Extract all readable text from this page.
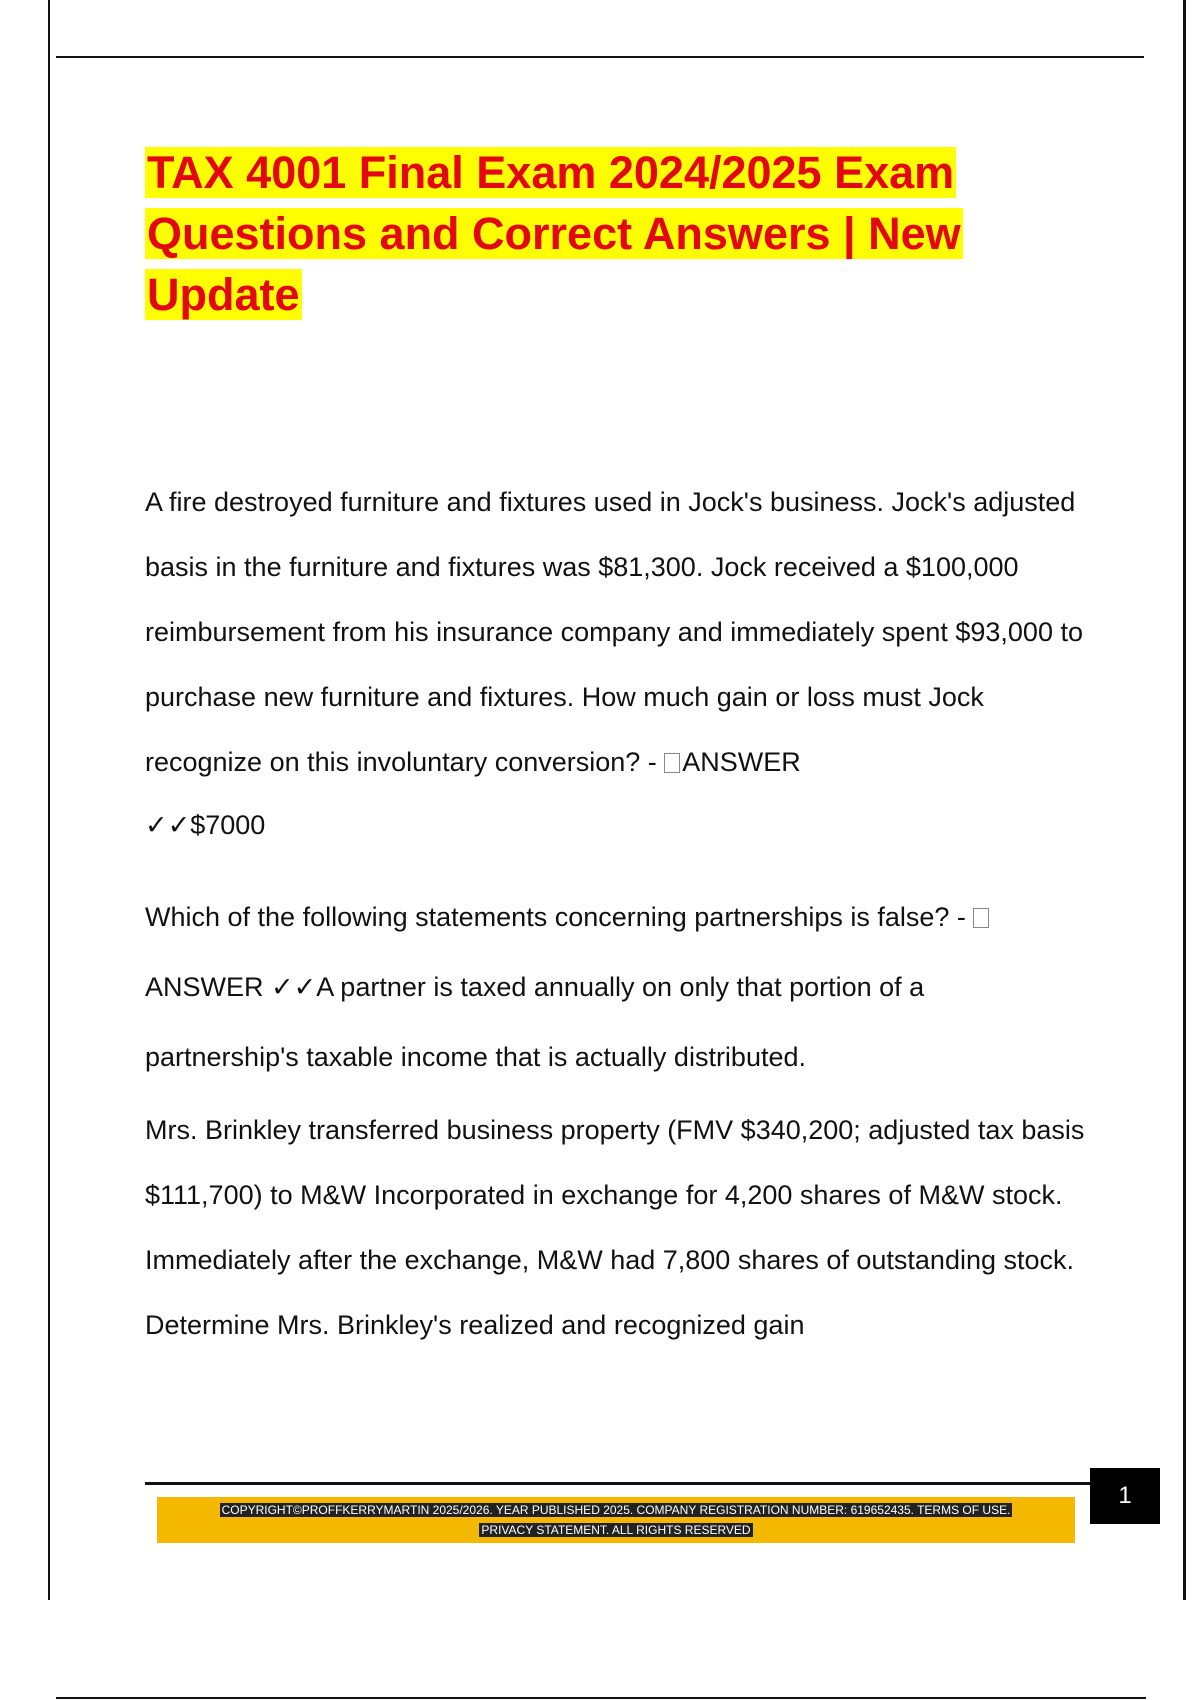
TAX 4001 Final Exam 2024/2025 Exam Questions and Correct Answers | New Update

A fire destroyed furniture and fixtures used in Jock's business. Jock's adjusted basis in the furniture and fixtures was $81,300. Jock received a $100,000 reimbursement from his insurance company and immediately spent $93,000 to purchase new furniture and fixtures. How much gain or loss must Jock recognize on this involuntary conversion? - ANSWER

✓✓$7000

Which of the following statements concerning partnerships is false? - ANSWER ✓✓A partner is taxed annually on only that portion of a partnership's taxable income that is actually distributed.

Mrs. Brinkley transferred business property (FMV $340,200; adjusted tax basis $111,700) to M&W Incorporated in exchange for 4,200 shares of M&W stock. Immediately after the exchange, M&W had 7,800 shares of outstanding stock. Determine Mrs. Brinkley's realized and recognized gain

1
COPYRIGHT©PROFFKERRYMARTIN 2025/2026. YEAR PUBLISHED 2025. COMPANY REGISTRATION NUMBER: 619652435. TERMS OF USE.
PRIVACY STATEMENT. ALL RIGHTS RESERVED
